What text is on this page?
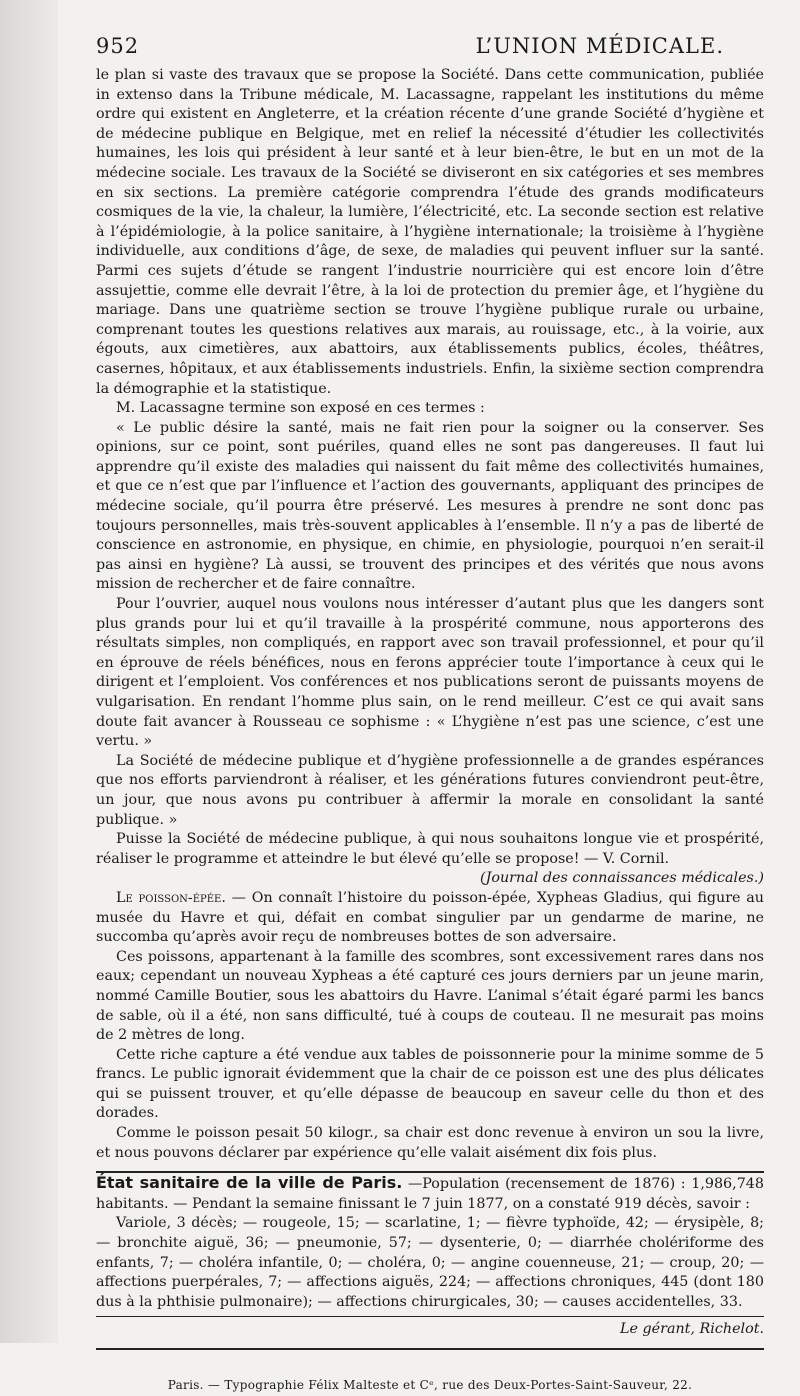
952	L’UNION MÉDICALE.

le plan si vaste des travaux que se propose la Société. Dans cette communication, publiée in extenso dans la Tribune médicale, M. Lacassagne, rappelant les institutions du même ordre qui existent en Angleterre, et la création récente d’une grande Société d’hygiène et de médecine publique en Belgique, met en relief la nécessité d’étudier les collectivités humaines, les lois qui président à leur santé et à leur bien-être, le but en un mot de la médecine sociale. Les travaux de la Société se diviseront en six catégories et ses membres en six sections. La première catégorie comprendra l’étude des grands modificateurs cosmiques de la vie, la chaleur, la lumière, l’électricité, etc. La seconde section est relative à l’épidémiologie, à la police sanitaire, à l’hygiène internationale; la troisième à l’hygiène individuelle, aux conditions d’âge, de sexe, de maladies qui peuvent influer sur la santé. Parmi ces sujets d’étude se rangent l’industrie nourricière qui est encore loin d’être assujettie, comme elle devrait l’être, à la loi de protection du premier âge, et l’hygiène du mariage. Dans une quatrième section se trouve l’hygiène publique rurale ou urbaine, comprenant toutes les questions relatives aux marais, au rouissage, etc., à la voirie, aux égouts, aux cimetières, aux abattoirs, aux établissements publics, écoles, théâtres, casernes, hôpitaux, et aux établissements industriels. Enfin, la sixième section comprendra la démographie et la statistique.

M. Lacassagne termine son exposé en ces termes :

« Le public désire la santé, mais ne fait rien pour la soigner ou la conserver. Ses opinions, sur ce point, sont puériles, quand elles ne sont pas dangereuses. Il faut lui apprendre qu’il existe des maladies qui naissent du fait même des collectivités humaines, et que ce n’est que par l’influence et l’action des gouvernants, appliquant des principes de médecine sociale, qu’il pourra être préservé. Les mesures à prendre ne sont donc pas toujours personnelles, mais très-souvent applicables à l’ensemble. Il n’y a pas de liberté de conscience en astronomie, en physique, en chimie, en physiologie, pourquoi n’en serait-il pas ainsi en hygiène? Là aussi, se trouvent des principes et des vérités que nous avons mission de rechercher et de faire connaître.

Pour l’ouvrier, auquel nous voulons nous intéresser d’autant plus que les dangers sont plus grands pour lui et qu’il travaille à la prospérité commune, nous apporterons des résultats simples, non compliqués, en rapport avec son travail professionnel, et pour qu’il en éprouve de réels bénéfices, nous en ferons apprécier toute l’importance à ceux qui le dirigent et l’emploient. Vos conférences et nos publications seront de puissants moyens de vulgarisation. En rendant l’homme plus sain, on le rend meilleur. C’est ce qui avait sans doute fait avancer à Rousseau ce sophisme : « L’hygiène n’est pas une science, c’est une vertu. »

La Société de médecine publique et d’hygiène professionnelle a de grandes espérances que nos efforts parviendront à réaliser, et les générations futures conviendront peut-être, un jour, que nous avons pu contribuer à affermir la morale en consolidant la santé publique. »

Puisse la Société de médecine publique, à qui nous souhaitons longue vie et prospérité, réaliser le programme et atteindre le but élevé qu’elle se propose! — V. Cornil.

(Journal des connaissances médicales.)

Le poisson-épée. — On connaît l’histoire du poisson-épée, Xypheas Gladius, qui figure au musée du Havre et qui, défait en combat singulier par un gendarme de marine, ne succomba qu’après avoir reçu de nombreuses bottes de son adversaire.

Ces poissons, appartenant à la famille des scombres, sont excessivement rares dans nos eaux; cependant un nouveau Xypheas a été capturé ces jours derniers par un jeune marin, nommé Camille Boutier, sous les abattoirs du Havre. L’animal s’était égaré parmi les bancs de sable, où il a été, non sans difficulté, tué à coups de couteau. Il ne mesurait pas moins de 2 mètres de long.

Cette riche capture a été vendue aux tables de poissonnerie pour la minime somme de 5 francs. Le public ignorait évidemment que la chair de ce poisson est une des plus délicates qui se puissent trouver, et qu’elle dépasse de beaucoup en saveur celle du thon et des dorades.

Comme le poisson pesait 50 kilogr., sa chair est donc revenue à environ un sou la livre, et nous pouvons déclarer par expérience qu’elle valait aisément dix fois plus.

État sanitaire de la ville de Paris. —Population (recensement de 1876) : 1,986,748 habitants. — Pendant la semaine finissant le 7 juin 1877, on a constaté 919 décès, savoir :

Variole, 3 décès; — rougeole, 15; — scarlatine, 1; — fièvre typhoïde, 42; — érysipèle, 8; — bronchite aiguë, 36; — pneumonie, 57; — dysenterie, 0; — diarrhée cholériforme des enfants, 7; — choléra infantile, 0; — choléra, 0; — angine couenneuse, 21; — croup, 20; — affections puerpérales, 7; — affections aiguës, 224; — affections chroniques, 445 (dont 180 dus à la phthisie pulmonaire); — affections chirurgicales, 30; — causes accidentelles, 33.

Le gérant, Richelot.
Paris. — Typographie Félix Malteste et Cᵉ, rue des Deux-Portes-Saint-Sauveur, 22.
